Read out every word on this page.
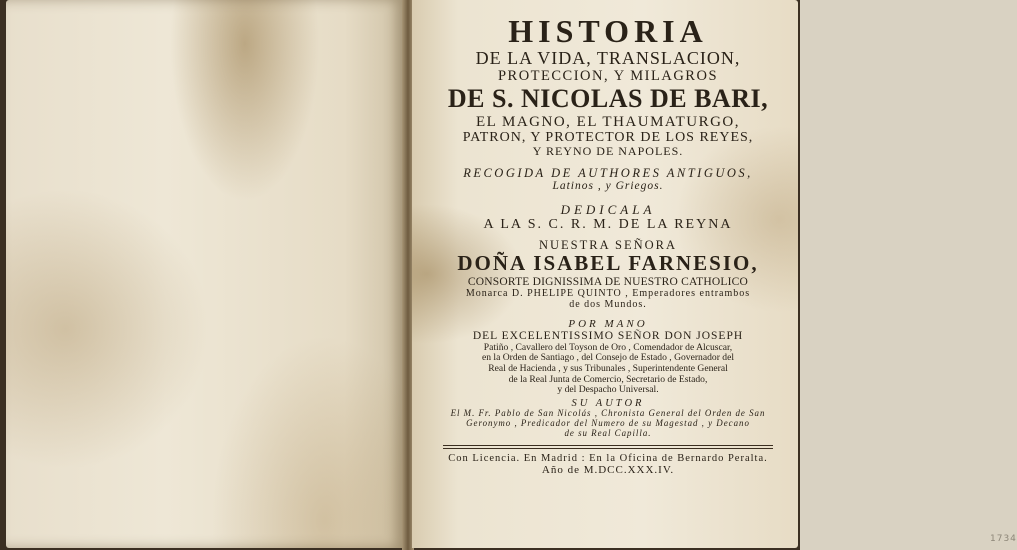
HISTORIA
DE LA VIDA, TRANSLACION,
PROTECCION, Y MILAGROS
DE S. NICOLAS DE BARI,
EL MAGNO, EL THAUMATURGO,
PATRON, Y PROTECTOR DE LOS REYES,
Y REYNO DE NAPOLES.
RECOGIDA DE AUTHORES ANTIGUOS,
Latinos , y Griegos.
DEDICALA
A LA S. C. R. M. DE LA REYNA
NUESTRA SEÑORA
DOÑA ISABEL FARNESIO,
CONSORTE DIGNISSIMA DE NUESTRO CATHOLICO
Monarca D. PHELIPE QUINTO , Emperadores entrambos
de dos Mundos.
POR MANO
DEL EXCELENTISSIMO SEÑOR DON JOSEPH
Patiño , Cavallero del Toyson de Oro , Comendador de Alcuscar,
en la Orden de Santiago , del Consejo de Estado , Governador del
Real de Hacienda , y sus Tribunales , Superintendente General
de la Real Junta de Comercio, Secretario de Estado,
y del Despacho Universal.
SU AUTOR
El M. Fr. Pablo de San Nicolás , Chronista General del Orden de San
Geronymo , Predicador del Numero de su Magestad , y Decano
de su Real Capilla.
Con Licencia. En Madrid : En la Oficina de Bernardo Peralta.
Año de M.DCC.XXX.IV.
1734
